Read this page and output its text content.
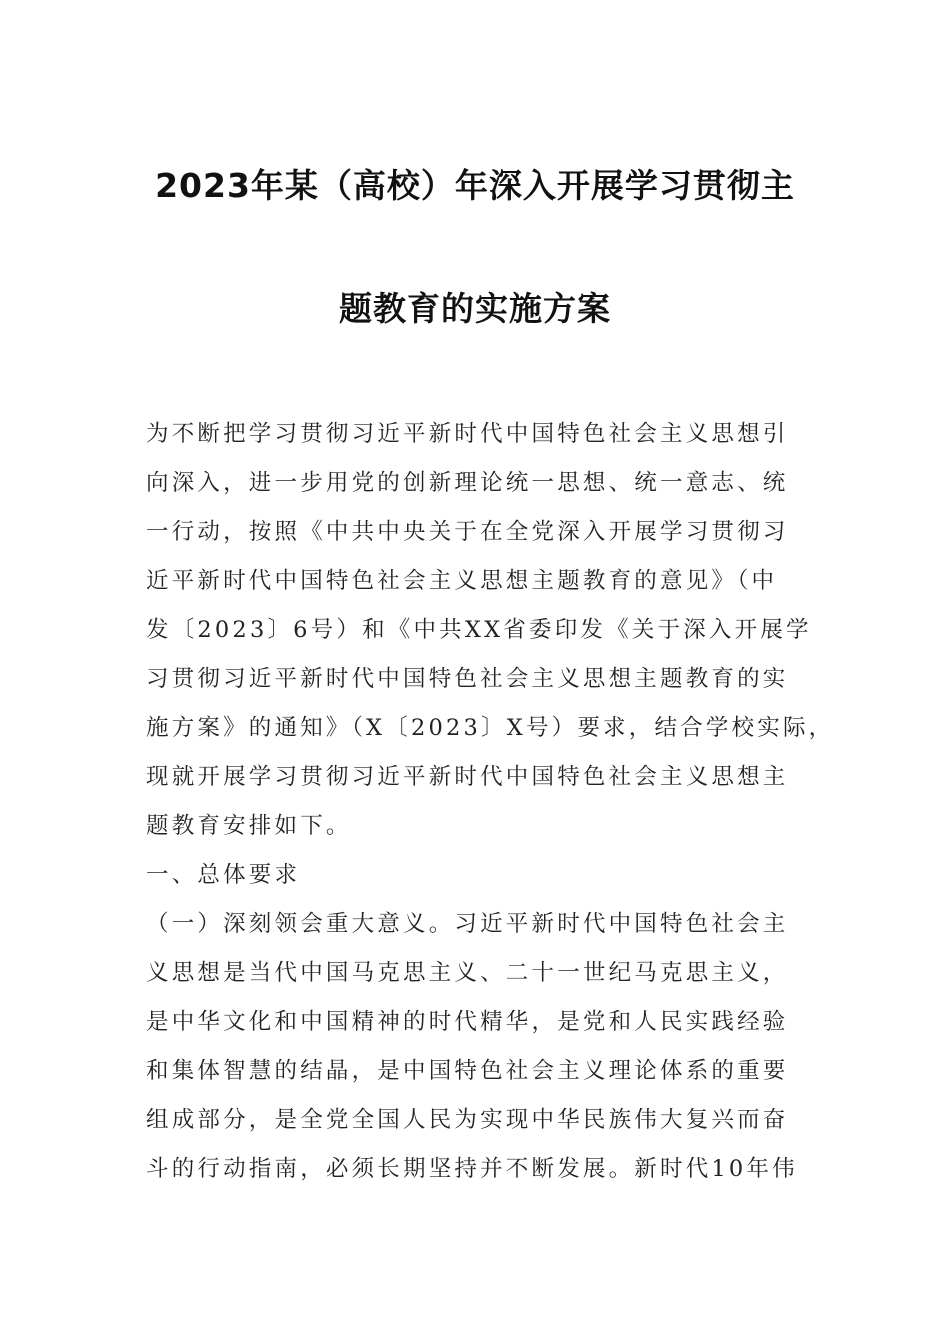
2023年某（高校）年深入开展学习贯彻主
题教育的实施方案
为不断把学习贯彻习近平新时代中国特色社会主义思想引
向深入，进一步用党的创新理论统一思想、统一意志、统
一行动，按照《中共中央关于在全党深入开展学习贯彻习
近平新时代中国特色社会主义思想主题教育的意见》（中
发〔2023〕6号）和《中共XX省委印发《关于深入开展学
习贯彻习近平新时代中国特色社会主义思想主题教育的实
施方案》的通知》（X〔2023〕X号）要求，结合学校实际，
现就开展学习贯彻习近平新时代中国特色社会主义思想主
题教育安排如下。
一、总体要求
（一）深刻领会重大意义。习近平新时代中国特色社会主
义思想是当代中国马克思主义、二十一世纪马克思主义，
是中华文化和中国精神的时代精华，是党和人民实践经验
和集体智慧的结晶，是中国特色社会主义理论体系的重要
组成部分，是全党全国人民为实现中华民族伟大复兴而奋
斗的行动指南，必须长期坚持并不断发展。新时代10年伟
